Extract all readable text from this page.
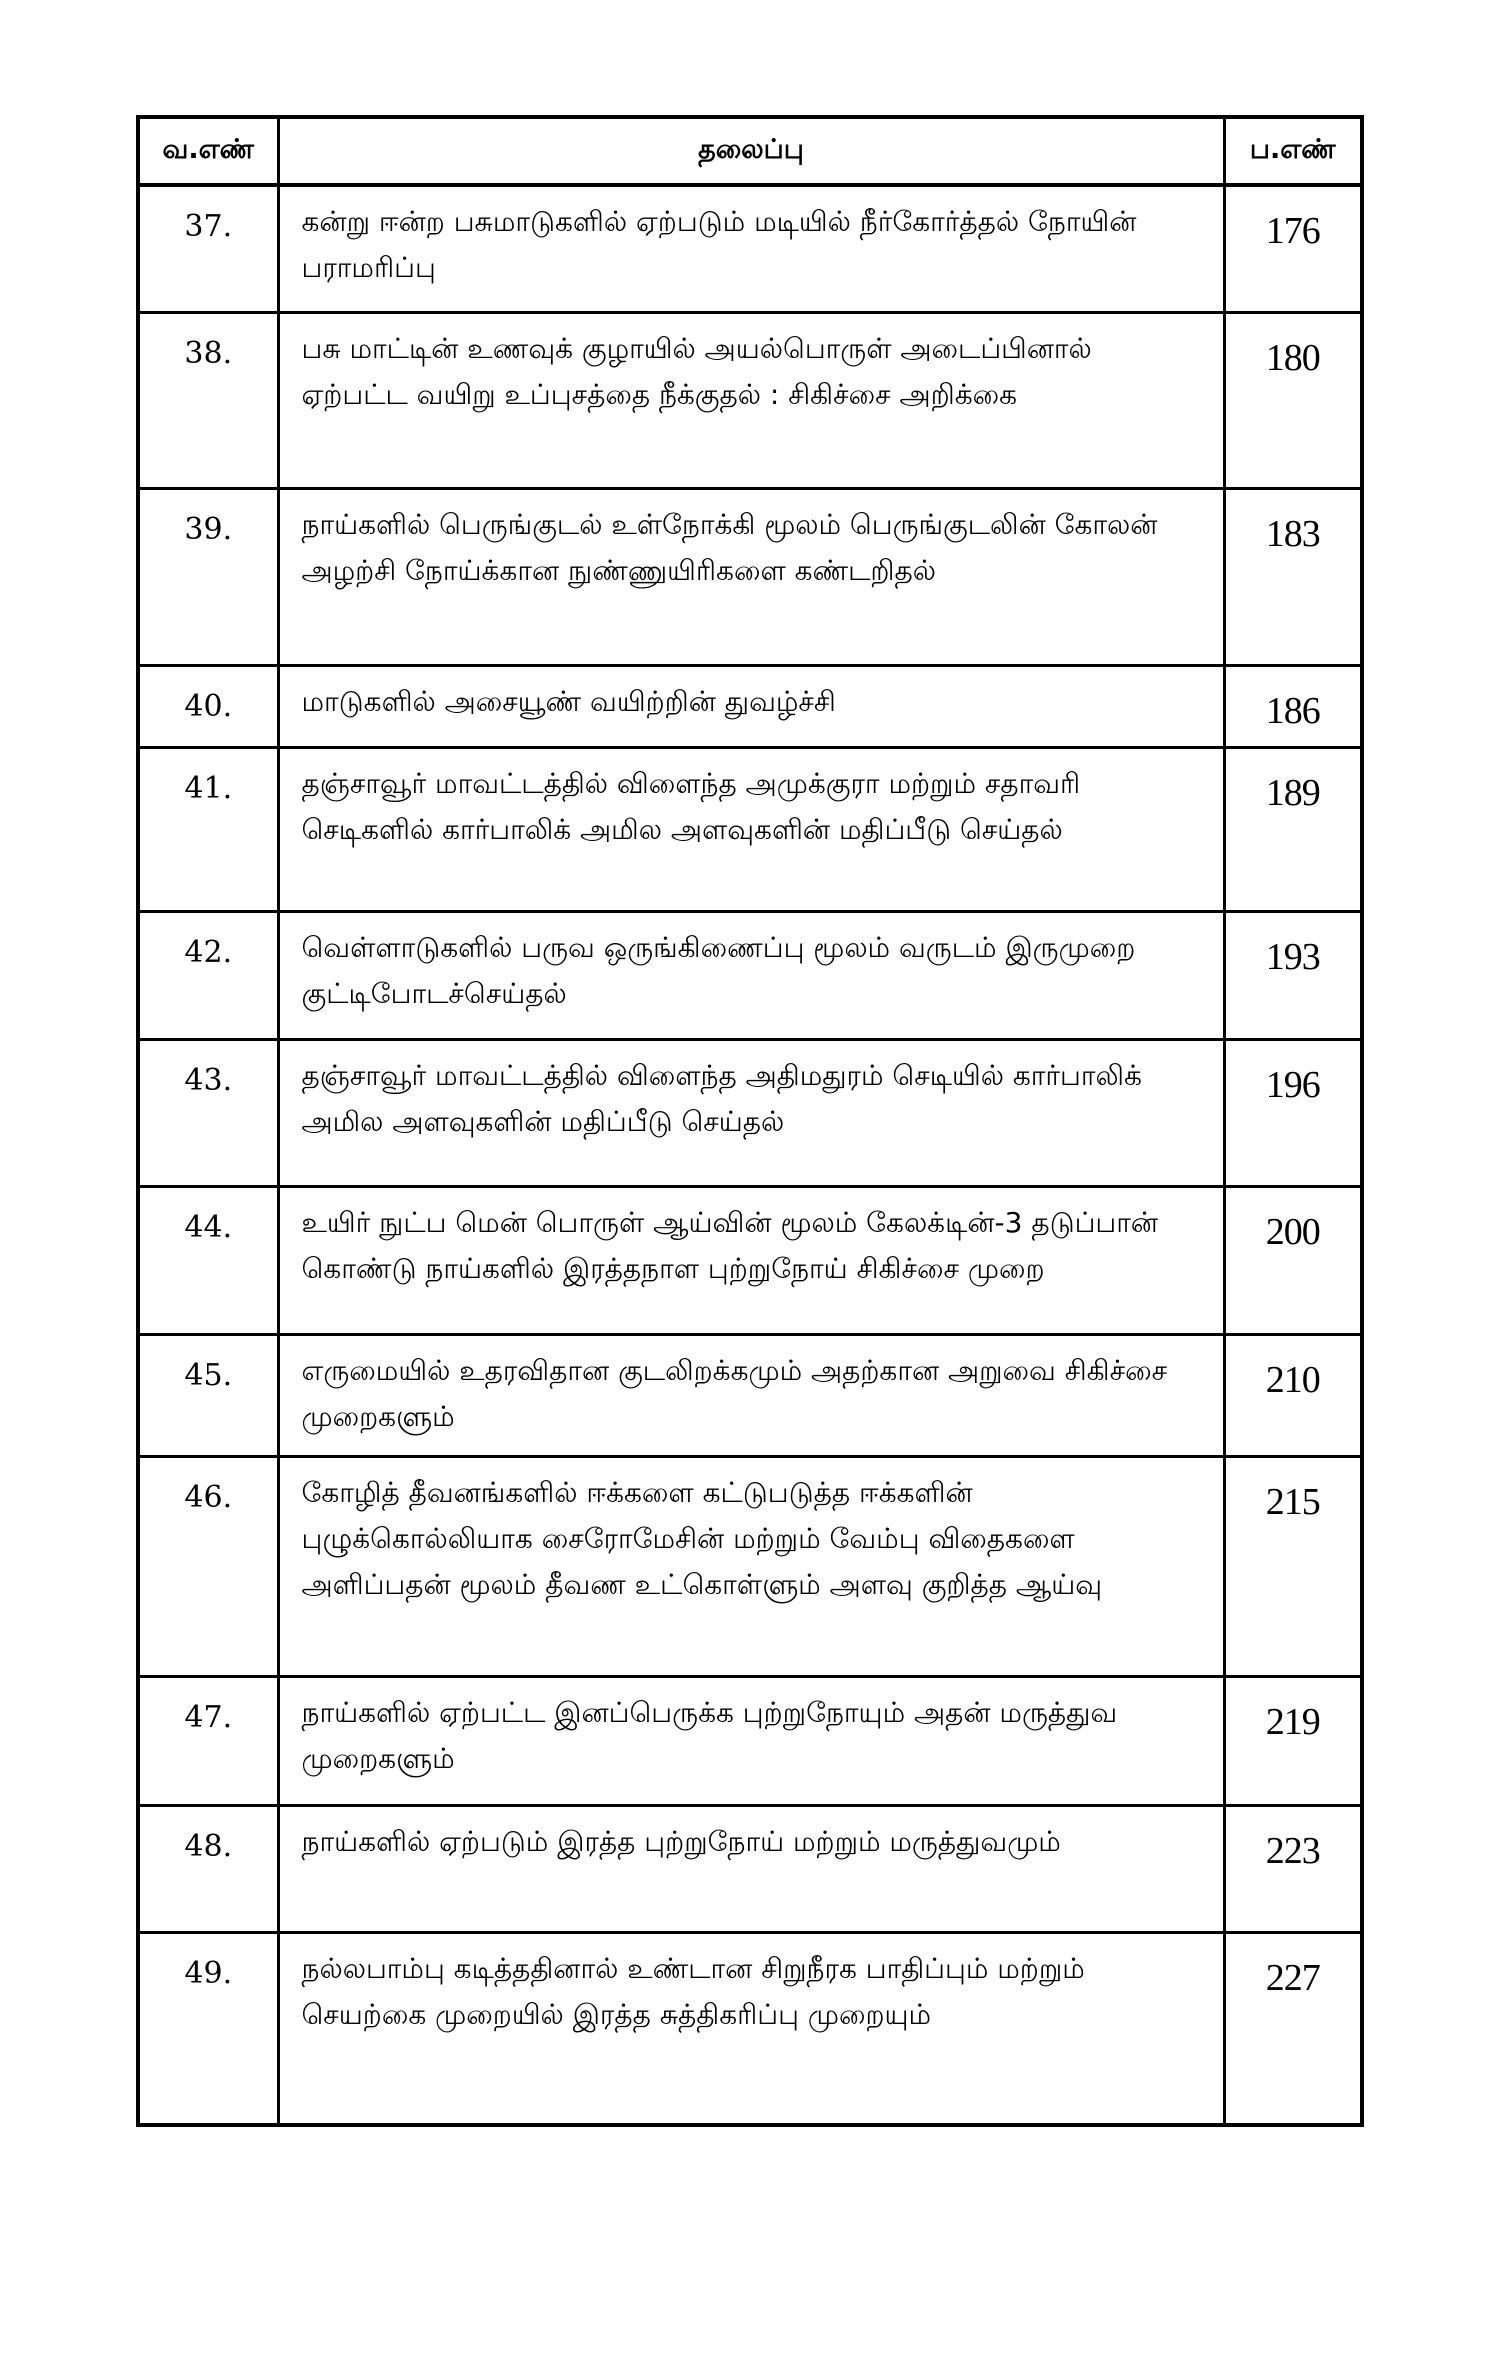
வ.எண்	தலைப்பு	ப.எண்
37.	கன்று ஈன்ற பசுமாடுகளில் ஏற்படும் மடியில் நீர்கோர்த்தல் நோயின் பராமரிப்பு	176
38.	பசு மாட்டின் உணவுக் குழாயில் அயல்பொருள் அடைப்பினால் ஏற்பட்ட வயிறு உப்புசத்தை நீக்குதல் : சிகிச்சை அறிக்கை	180
39.	நாய்களில் பெருங்குடல் உள்நோக்கி மூலம் பெருங்குடலின் கோலன் அழற்சி நோய்க்கான நுண்ணுயிரிகளை கண்டறிதல்	183
40.	மாடுகளில் அசையூண் வயிற்றின் துவழ்ச்சி	186
41.	தஞ்சாவூர் மாவட்டத்தில் விளைந்த அமுக்குரா மற்றும் சதாவரி செடிகளில் கார்பாலிக் அமில அளவுகளின் மதிப்பீடு செய்தல்	189
42.	வெள்ளாடுகளில் பருவ ஒருங்கிணைப்பு மூலம் வருடம் இருமுறை குட்டிபோடச்செய்தல்	193
43.	தஞ்சாவூர் மாவட்டத்தில் விளைந்த அதிமதுரம் செடியில் கார்பாலிக் அமில அளவுகளின் மதிப்பீடு செய்தல்	196
44.	உயிர் நுட்ப மென் பொருள் ஆய்வின் மூலம் கேலக்டின்-3 தடுப்பான் கொண்டு நாய்களில் இரத்தநாள புற்றுநோய் சிகிச்சை முறை	200
45.	எருமையில் உதரவிதான குடலிறக்கமும் அதற்கான அறுவை சிகிச்சை முறைகளும்	210
46.	கோழித் தீவனங்களில் ஈக்களை கட்டுபடுத்த ஈக்களின் புழுக்கொல்லியாக சைரோமேசின் மற்றும் வேம்பு விதைகளை அளிப்பதன் மூலம் தீவண உட்கொள்ளும் அளவு குறித்த ஆய்வு	215
47.	நாய்களில் ஏற்பட்ட இனப்பெருக்க புற்றுநோயும் அதன் மருத்துவ முறைகளும்	219
48.	நாய்களில் ஏற்படும் இரத்த புற்றுநோய் மற்றும் மருத்துவமும்	223
49.	நல்லபாம்பு கடித்ததினால் உண்டான சிறுநீரக பாதிப்பும் மற்றும் செயற்கை முறையில் இரத்த சுத்திகரிப்பு முறையும்	227
